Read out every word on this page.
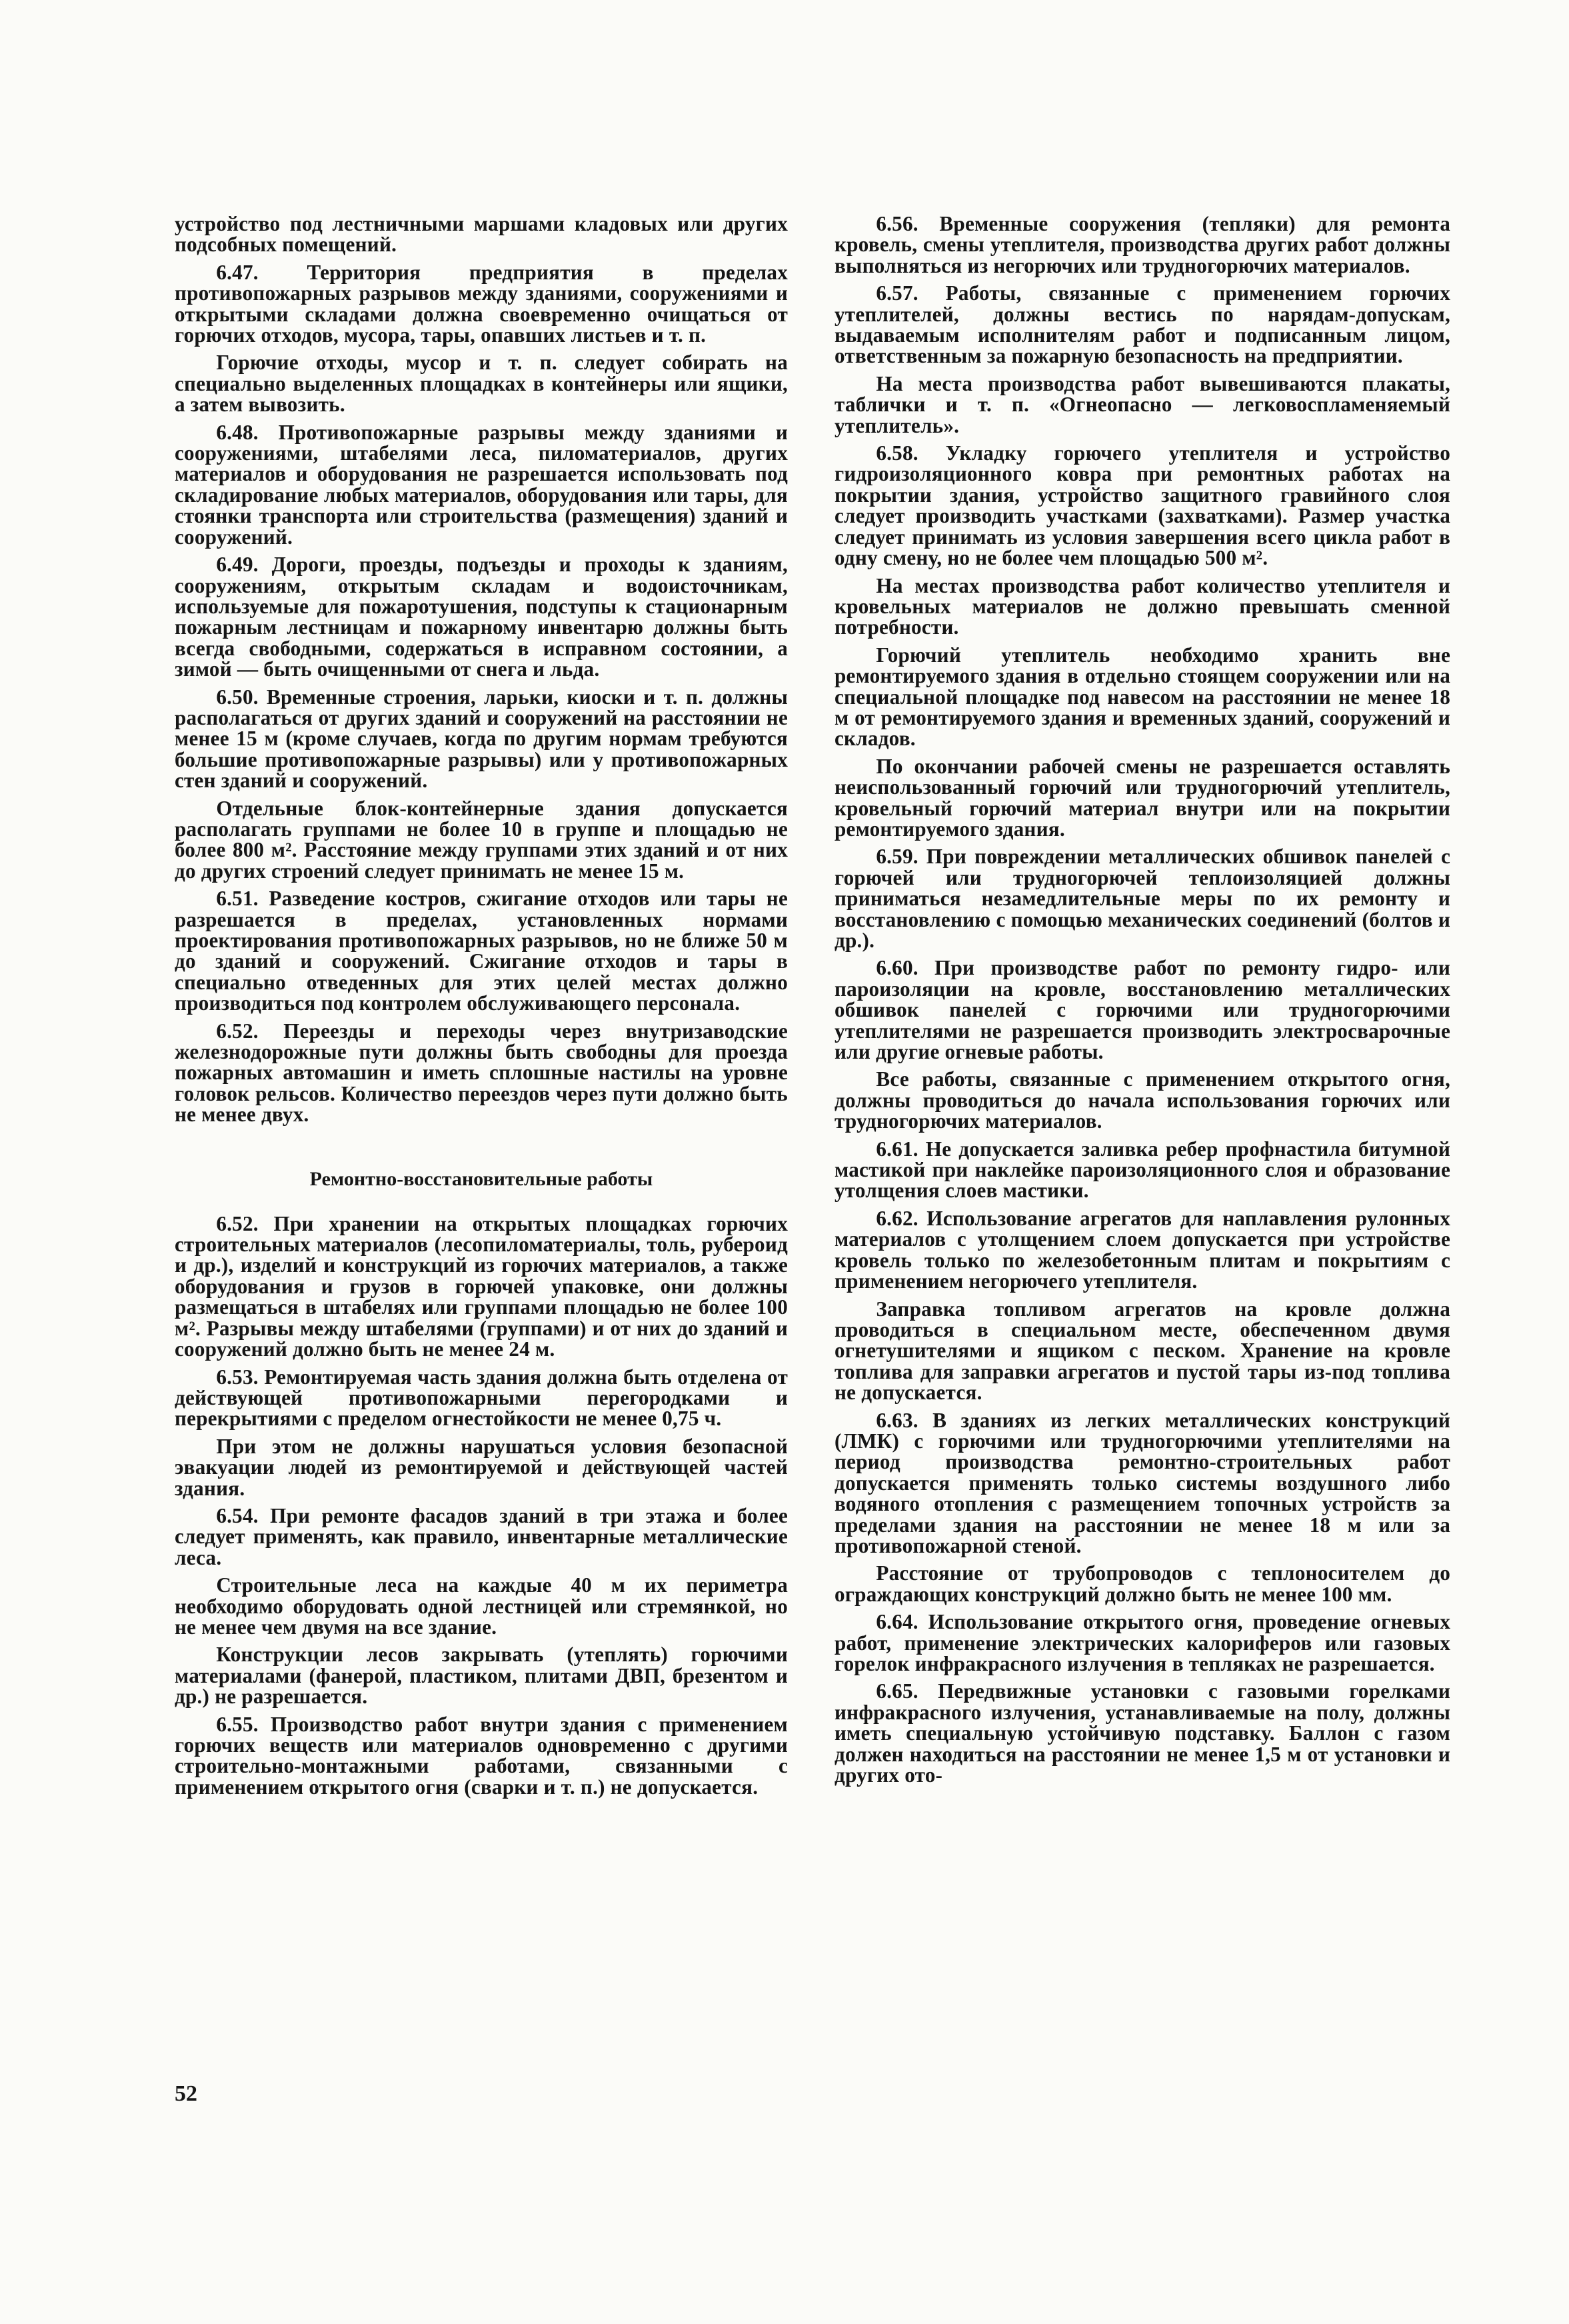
устройство под лестничными маршами кладовых или других подсобных помещений.

6.47. Территория предприятия в пределах противопожарных разрывов между зданиями, сооружениями и открытыми складами должна своевременно очищаться от горючих отходов, мусора, тары, опавших листьев и т. п.

Горючие отходы, мусор и т. п. следует собирать на специально выделенных площадках в контейнеры или ящики, а затем вывозить.

6.48. Противопожарные разрывы между зданиями и сооружениями, штабелями леса, пиломатериалов, других материалов и оборудования не разрешается использовать под складирование любых материалов, оборудования или тары, для стоянки транспорта или строительства (размещения) зданий и сооружений.

6.49. Дороги, проезды, подъезды и проходы к зданиям, сооружениям, открытым складам и водоисточникам, используемые для пожаротушения, подступы к стационарным пожарным лестницам и пожарному инвентарю должны быть всегда свободными, содержаться в исправном состоянии, а зимой — быть очищенными от снега и льда.

6.50. Временные строения, ларьки, киоски и т. п. должны располагаться от других зданий и сооружений на расстоянии не менее 15 м (кроме случаев, когда по другим нормам требуются большие противопожарные разрывы) или у противопожарных стен зданий и сооружений.

Отдельные блок-контейнерные здания допускается располагать группами не более 10 в группе и площадью не более 800 м². Расстояние между группами этих зданий и от них до других строений следует принимать не менее 15 м.

6.51. Разведение костров, сжигание отходов или тары не разрешается в пределах, установленных нормами проектирования противопожарных разрывов, но не ближе 50 м до зданий и сооружений. Сжигание отходов и тары в специально отведенных для этих целей местах должно производиться под контролем обслуживающего персонала.

6.52. Переезды и переходы через внутризаводские железнодорожные пути должны быть свободны для проезда пожарных автомашин и иметь сплошные настилы на уровне головок рельсов. Количество переездов через пути должно быть не менее двух.

Ремонтно-восстановительные работы

6.52. При хранении на открытых площадках горючих строительных материалов (лесопиломатериалы, толь, рубероид и др.), изделий и конструкций из горючих материалов, а также оборудования и грузов в горючей упаковке, они должны размещаться в штабелях или группами площадью не более 100 м². Разрывы между штабелями (группами) и от них до зданий и сооружений должно быть не менее 24 м.

6.53. Ремонтируемая часть здания должна быть отделена от действующей противопожарными перегородками и перекрытиями с пределом огнестойкости не менее 0,75 ч.

При этом не должны нарушаться условия безопасной эвакуации людей из ремонтируемой и действующей частей здания.

6.54. При ремонте фасадов зданий в три этажа и более следует применять, как правило, инвентарные металлические леса.

Строительные леса на каждые 40 м их периметра необходимо оборудовать одной лестницей или стремянкой, но не менее чем двумя на все здание.

Конструкции лесов закрывать (утеплять) горючими материалами (фанерой, пластиком, плитами ДВП, брезентом и др.) не разрешается.

6.55. Производство работ внутри здания с применением горючих веществ или материалов одновременно с другими строительно-монтажными работами, связанными с применением открытого огня (сварки и т. п.) не допускается.

6.56. Временные сооружения (тепляки) для ремонта кровель, смены утеплителя, производства других работ должны выполняться из негорючих или трудногорючих материалов.

6.57. Работы, связанные с применением горючих утеплителей, должны вестись по нарядам-допускам, выдаваемым исполнителям работ и подписанным лицом, ответственным за пожарную безопасность на предприятии.

На места производства работ вывешиваются плакаты, таблички и т. п. «Огнеопасно — легковоспламеняемый утеплитель».

6.58. Укладку горючего утеплителя и устройство гидроизоляционного ковра при ремонтных работах на покрытии здания, устройство защитного гравийного слоя следует производить участками (захватками). Размер участка следует принимать из условия завершения всего цикла работ в одну смену, но не более чем площадью 500 м².

На местах производства работ количество утеплителя и кровельных материалов не должно превышать сменной потребности.

Горючий утеплитель необходимо хранить вне ремонтируемого здания в отдельно стоящем сооружении или на специальной площадке под навесом на расстоянии не менее 18 м от ремонтируемого здания и временных зданий, сооружений и складов.

По окончании рабочей смены не разрешается оставлять неиспользованный горючий или трудногорючий утеплитель, кровельный горючий материал внутри или на покрытии ремонтируемого здания.

6.59. При повреждении металлических обшивок панелей с горючей или трудногорючей теплоизоляцией должны приниматься незамедлительные меры по их ремонту и восстановлению с помощью механических соединений (болтов и др.).

6.60. При производстве работ по ремонту гидро- или пароизоляции на кровле, восстановлению металлических обшивок панелей с горючими или трудногорючими утеплителями не разрешается производить электросварочные или другие огневые работы.

Все работы, связанные с применением открытого огня, должны проводиться до начала использования горючих или трудногорючих материалов.

6.61. Не допускается заливка ребер профнастила битумной мастикой при наклейке пароизоляционного слоя и образование утолщения слоев мастики.

6.62. Использование агрегатов для наплавления рулонных материалов с утолщением слоем допускается при устройстве кровель только по железобетонным плитам и покрытиям с применением негорючего утеплителя.

Заправка топливом агрегатов на кровле должна проводиться в специальном месте, обеспеченном двумя огнетушителями и ящиком с песком. Хранение на кровле топлива для заправки агрегатов и пустой тары из-под топлива не допускается.

6.63. В зданиях из легких металлических конструкций (ЛМК) с горючими или трудногорючими утеплителями на период производства ремонтно-строительных работ допускается применять только системы воздушного либо водяного отопления с размещением топочных устройств за пределами здания на расстоянии не менее 18 м или за противопожарной стеной.

Расстояние от трубопроводов с теплоносителем до ограждающих конструкций должно быть не менее 100 мм.

6.64. Использование открытого огня, проведение огневых работ, применение электрических калориферов или газовых горелок инфракрасного излучения в тепляках не разрешается.

6.65. Передвижные установки с газовыми горелками инфракрасного излучения, устанавливаемые на полу, должны иметь специальную устойчивую подставку. Баллон с газом должен находиться на расстоянии не менее 1,5 м от установки и других ото-

52
